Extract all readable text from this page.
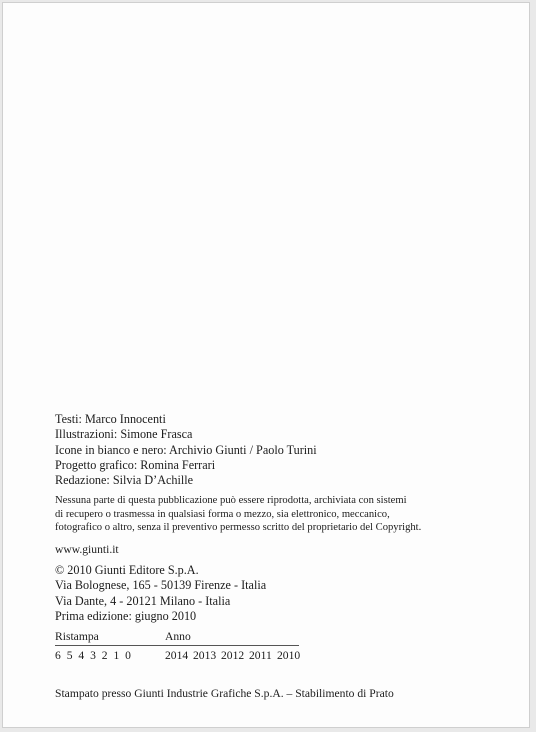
Testi: Marco Innocenti
Illustrazioni: Simone Frasca
Icone in bianco e nero: Archivio Giunti / Paolo Turini
Progetto grafico: Romina Ferrari
Redazione: Silvia D’Achille
Nessuna parte di questa pubblicazione può essere riprodotta, archiviata con sistemi
di recupero o trasmessa in qualsiasi forma o mezzo, sia elettronico, meccanico,
fotografico o altro, senza il preventivo permesso scritto del proprietario del Copyright.
www.giunti.it
© 2010 Giunti Editore S.p.A.
Via Bolognese, 165 - 50139 Firenze - Italia
Via Dante, 4 - 20121 Milano - Italia
Prima edizione: giugno 2010
Ristampa	Anno
6 5 4 3 2 1 0	2014 2013 2012 2011 2010
Stampato presso Giunti Industrie Grafiche S.p.A. – Stabilimento di Prato
